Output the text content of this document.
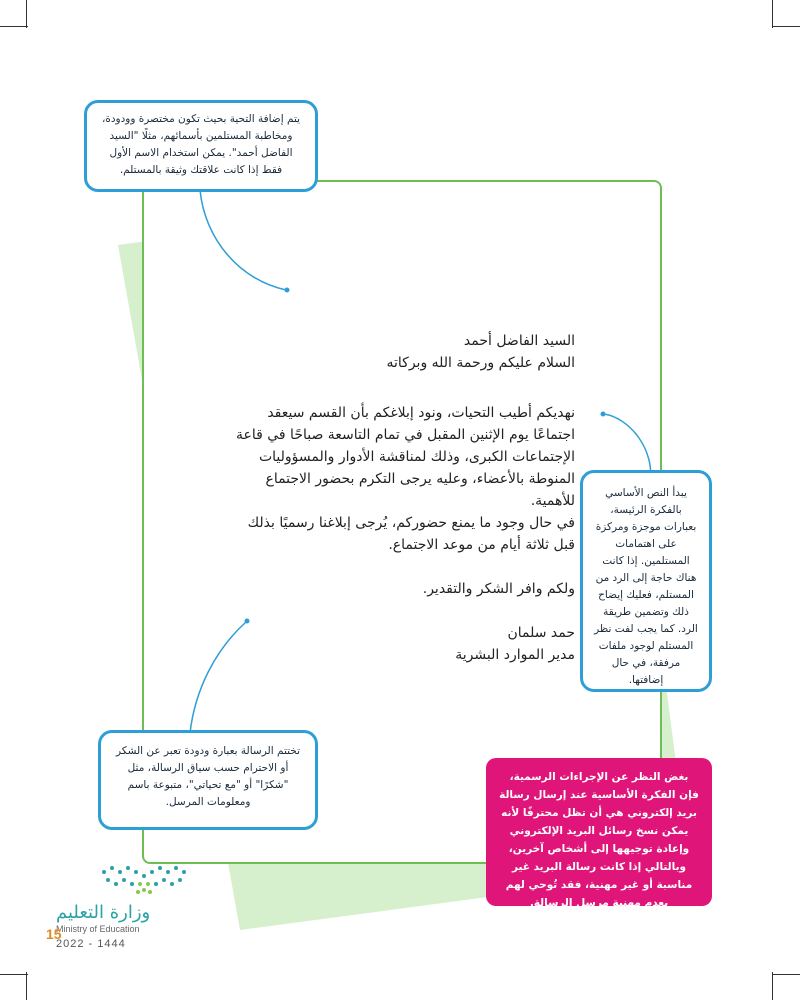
السيد الفاضل أحمد

السلام عليكم ورحمة الله وبركاته

نهديكم أطيب التحيات، ونود إبلاغكم بأن القسم سيعقد اجتماعًا يوم الإثنين المقبل في تمام التاسعة صباحًا في قاعة الإجتماعات الكبرى، وذلك لمناقشة الأدوار والمسؤوليات المنوطة بالأعضاء، وعليه يرجى التكرم بحضور الاجتماع للأهمية.

في حال وجود ما يمنع حضوركم، يُرجى إبلاغنا رسميًا بذلك قبل ثلاثة أيام من موعد الاجتماع.

ولكم وافر الشكر والتقدير.

حمد سلمان

مدير الموارد البشرية

يتم إضافة التحية بحيث تكون مختصرة وودودة، ومخاطبة المستلمين بأسمائهم، مثلًا "السيد الفاضل أحمد". يمكن استخدام الاسم الأول فقط إذا كانت علاقتك وثيقة بالمستلم.
يبدأ النص الأساسي بالفكرة الرئيسة، بعبارات موجزة ومركزة على اهتمامات المستلمين. إذا كانت هناك حاجة إلى الرد من المستلم، فعليك إيضاح ذلك وتضمين طريقة الرد. كما يجب لفت نظر المستلم لوجود ملفات مرفقة، في حال إضافتها.
تختتم الرسالة بعبارة ودودة تعبر عن الشكر أو الاحترام حسب سياق الرسالة، مثل "شكرًا" أو "مع تحياتي"، متبوعة باسم ومعلومات المرسل.
بغض النظر عن الإجراءات الرسمية، فإن الفكرة الأساسية عند إرسال رسالة بريد إلكتروني هي أن تظل محترفًا لأنه يمكن نسخ رسائل البريد الإلكتروني وإعادة توجيهها إلى أشخاص آخرين، وبالتالي إذا كانت رسالة البريد غير مناسبة أو غير مهنية، فقد تُوحي لهم بعدم مهنية مرسل الرسالة.
وزارة التعليم
Ministry of Education
15
2022 - 1444
